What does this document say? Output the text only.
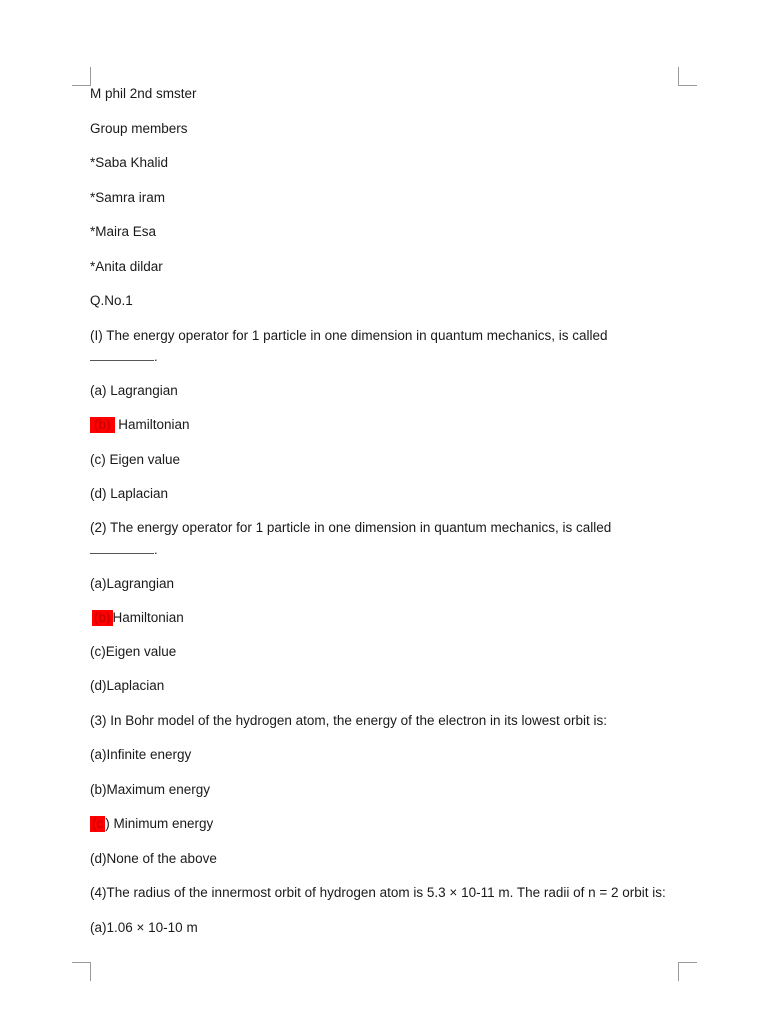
M phil 2nd smster
Group members
*Saba Khalid
*Samra iram
*Maira Esa
*Anita dildar
Q.No.1
(I) The energy operator for 1 particle in one dimension in quantum mechanics, is called
.
(a) Lagrangian
(b) Hamiltonian
(c) Eigen value
(d) Laplacian
(2) The energy operator for 1 particle in one dimension in quantum mechanics, is called
.
(a)Lagrangian
(b) Hamiltonian
(c)Eigen value
(d)Laplacian
(3) In Bohr model of the hydrogen atom, the energy of the electron in its lowest orbit is:
(a)Infinite energy
(b)Maximum energy
(c ) Minimum energy
(d)None of the above
(4)The radius of the innermost orbit of hydrogen atom is 5.3 × 10-11 m. The radii of n = 2 orbit is:
(a)1.06 × 10-10 m
